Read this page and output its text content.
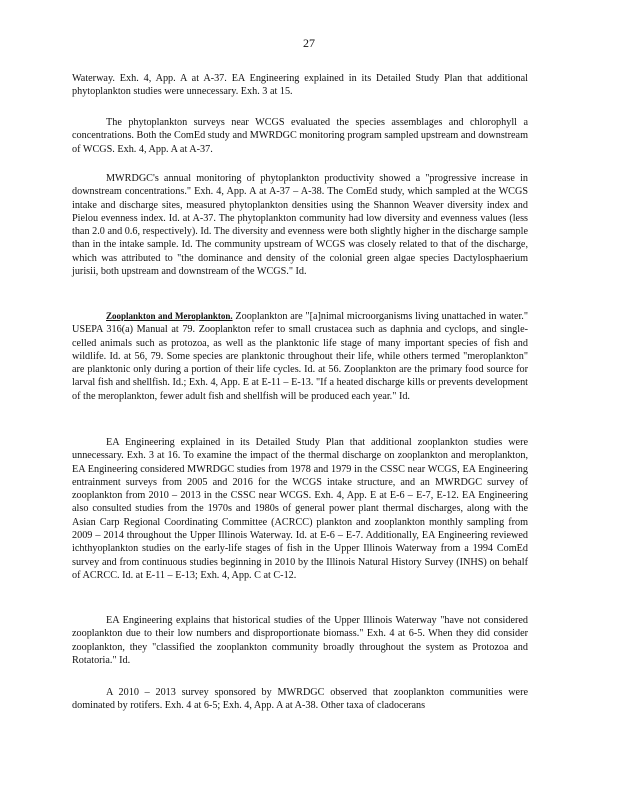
27

Waterway. Exh. 4, App. A at A-37. EA Engineering explained in its Detailed Study Plan that additional phytoplankton studies were unnecessary. Exh. 3 at 15.

The phytoplankton surveys near WCGS evaluated the species assemblages and chlorophyll a concentrations. Both the ComEd study and MWRDGC monitoring program sampled upstream and downstream of WCGS. Exh. 4, App. A at A-37.

MWRDGC's annual monitoring of phytoplankton productivity showed a "progressive increase in downstream concentrations." Exh. 4, App. A at A-37 – A-38. The ComEd study, which sampled at the WCGS intake and discharge sites, measured phytoplankton densities using the Shannon Weaver diversity index and Pielou evenness index. Id. at A-37. The phytoplankton community had low diversity and evenness values (less than 2.0 and 0.6, respectively). Id. The diversity and evenness were both slightly higher in the discharge sample than in the intake sample. Id. The community upstream of WCGS was closely related to that of the discharge, which was attributed to "the dominance and density of the colonial green algae species Dactylosphaerium jurisii, both upstream and downstream of the WCGS." Id.

Zooplankton and Meroplankton. Zooplankton are "[a]nimal microorganisms living unattached in water." USEPA 316(a) Manual at 79. Zooplankton refer to small crustacea such as daphnia and cyclops, and single-celled animals such as protozoa, as well as the planktonic life stage of many important species of fish and wildlife. Id. at 56, 79. Some species are planktonic throughout their life, while others termed "meroplankton" are planktonic only during a portion of their life cycles. Id. at 56. Zooplankton are the primary food source for larval fish and shellfish. Id.; Exh. 4, App. E at E-11 – E-13. "If a heated discharge kills or prevents development of the meroplankton, fewer adult fish and shellfish will be produced each year." Id.

EA Engineering explained in its Detailed Study Plan that additional zooplankton studies were unnecessary. Exh. 3 at 16. To examine the impact of the thermal discharge on zooplankton and meroplankton, EA Engineering considered MWRDGC studies from 1978 and 1979 in the CSSC near WCGS, EA Engineering entrainment surveys from 2005 and 2016 for the WCGS intake structure, and an MWRDGC survey of zooplankton from 2010 – 2013 in the CSSC near WCGS. Exh. 4, App. E at E-6 – E-7, E-12. EA Engineering also consulted studies from the 1970s and 1980s of general power plant thermal discharges, along with the Asian Carp Regional Coordinating Committee (ACRCC) plankton and zooplankton monthly sampling from 2009 – 2014 throughout the Upper Illinois Waterway. Id. at E-6 – E-7. Additionally, EA Engineering reviewed ichthyoplankton studies on the early-life stages of fish in the Upper Illinois Waterway from a 1994 ComEd survey and from continuous studies beginning in 2010 by the Illinois Natural History Survey (INHS) on behalf of ACRCC. Id. at E-11 – E-13; Exh. 4, App. C at C-12.

EA Engineering explains that historical studies of the Upper Illinois Waterway "have not considered zooplankton due to their low numbers and disproportionate biomass." Exh. 4 at 6-5. When they did consider zooplankton, they "classified the zooplankton community broadly throughout the system as Protozoa and Rotatoria." Id.

A 2010 – 2013 survey sponsored by MWRDGC observed that zooplankton communities were dominated by rotifers. Exh. 4 at 6-5; Exh. 4, App. A at A-38. Other taxa of cladocerans
